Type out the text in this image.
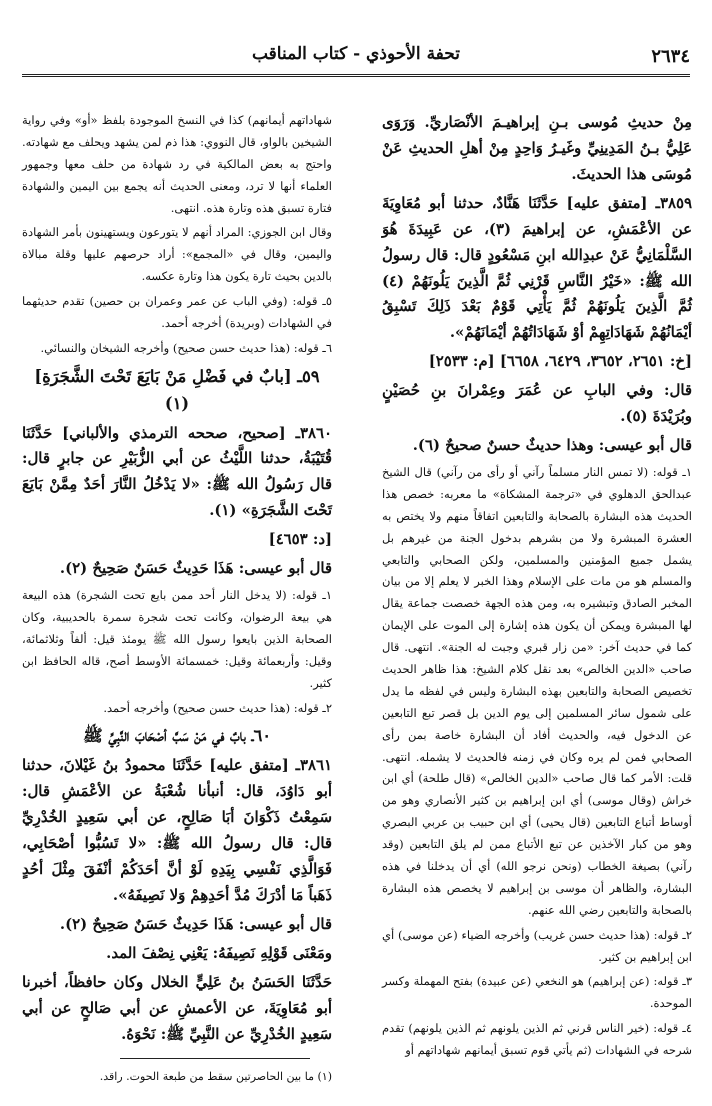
٢٦٣٤
تحفة الأحوذي - كتاب المناقب

مِنْ حديثِ مُوسى بـنِ إبراهيـمَ الأنْصَاريِّ. وَرَوَى عَلِيُّ بـنُ المَدِينِيِّ وغَيـرُ وَاحِدٍ مِنْ أهلِ الحديثِ عَنْ مُوسَى هذا الحديثَ.

٣٨٥٩ـ [متفق عليه] حَدَّثَنَا هَنَّادٌ، حدثنا أبو مُعَاوِيَةَ عن الأعْمَشِ، عن إبراهيمَ (٣)، عن عَبِيدَةَ هُوَ السَّلْمَانِيُّ عَنْ عبدِالله ابنِ مَسْعُودٍ قال: قال رسولُ الله ﷺ: «خَيْرُ النَّاسِ قَرْنِي ثُمَّ الَّذِينَ يَلُونَهُمْ (٤) ثُمَّ الَّذِينَ يَلُونَهُمْ ثُمَّ يَأْتِي قَوْمٌ بَعْدَ ذَلِكَ تَسْبِقُ أيْمَانُهُمْ شَهَادَاتِهِمْ أوْ شَهَادَاتُهُمْ أيْمَانَهُمْ».

[خ: ٢٦٥١، ٣٦٥٢، ٦٤٢٩، ٦٦٥٨] [م: ٢٥٣٣]

قال: وفي البابِ عن عُمَرَ وعِمْرانَ بنِ حُصَيْنٍ وبُرَيْدَةَ (٥).

قال أبو عيسى: وهذا حديثٌ حسنٌ صحيحٌ (٦).

١ـ قوله: (لا تمس النار مسلماً رآني أو رأى من رآني) قال الشيخ عبدالحق الدهلوي في «ترجمة المشكاة» ما معربه: خصص هذا الحديث هذه البشارة بالصحابة والتابعين اتفاقاً منهم ولا يختص به العشرة المبشرة ولا من بشرهم بدخول الجنة من غيرهم بل يشمل جميع المؤمنين والمسلمين، ولكن الصحابي والتابعي والمسلم هو من مات على الإسلام وهذا الخبر لا يعلم إلا من بيان المخبر الصادق وتبشيره به، ومن هذه الجهة خصصت جماعة يقال لها المبشرة ويمكن أن يكون هذه إشارة إلى الموت على الإيمان كما في حديث آخر: «من زار قبري وجبت له الجنة». انتهى. قال صاحب «الدين الخالص» بعد نقل كلام الشيخ: هذا ظاهر الحديث تخصيص الصحابة والتابعين بهذه البشارة وليس في لفظه ما يدل على شمول سائر المسلمين إلى يوم الدين بل قصر تبع التابعين عن الدخول فيه، والحديث أفاد أن البشارة خاصة بمن رأى الصحابي فمن لم يره وكان في زمنه فالحديث لا يشمله. انتهى. قلت: الأمر كما قال صاحب «الدين الخالص» (قال طلحة) أي ابن خراش (وقال موسى) أي ابن إبراهيم بن كثير الأنصاري وهو من أوساط أتباع التابعين (قال يحيى) أي ابن حبيب بن عربي البصري وهو من كبار الآخذين عن تبع الأتباع ممن لم يلق التابعين (وقد رآني) بصيغة الخطاب (ونحن نرجو الله) أي أن يدخلنا في هذه البشارة، والظاهر أن موسى بن إبراهيم لا يخصص هذه البشارة بالصحابة والتابعين رضي الله عنهم.

٢ـ قوله: (هذا حديث حسن غريب) وأخرجه الضياء (عن موسى) أي ابن إبراهيم بن كثير.

٣ـ قوله: (عن إبراهيم) هو النخعي (عن عبيدة) بفتح المهملة وكسر الموحدة.

٤ـ قوله: (خير الناس قرني ثم الذين يلونهم ثم الذين يلونهم) تقدم شرحه في الشهادات (ثم يأتي قوم تسبق أيمانهم شهاداتهم أو

شهاداتهم أيمانهم) كذا في النسخ الموجودة بلفظ «أو» وفي رواية الشيخين بالواو، قال النووي: هذا ذم لمن يشهد ويحلف مع شهادته. واحتج به بعض المالكية في رد شهادة من حلف معها وجمهور العلماء أنها لا ترد، ومعنى الحديث أنه يجمع بين اليمين والشهادة فتارة تسبق هذه وتارة هذه. انتهى.

وقال ابن الجوزي: المراد أنهم لا يتورعون ويستهينون بأمر الشهادة واليمين، وقال في «المجمع»: أراد حرصهم عليها وقلة مبالاة بالدين بحيث تارة يكون هذا وتارة عكسه.

٥ـ قوله: (وفي الباب عن عمر وعمران بن حصين) تقدم حديثهما في الشهادات (وبريدة) أخرجه أحمد.

٦ـ قوله: (هذا حديث حسن صحيح) وأخرجه الشيخان والنسائي.

٥٩ـ [بابٌ في فَضْلِ مَنْ بَايَعَ تَحْتَ الشَّجَرَةِ] (١)

٣٨٦٠ـ [صحيح، صححه الترمذي والألباني] حَدَّثَنَا قُتَيْبَةُ، حدثنا اللَّيْثُ عن أبي الزُّبَيْرِ عن جابرٍ قال: قال رَسُولُ الله ﷺ: «لا يَدْخُلُ النَّارَ أحَدٌ مِمَّنْ بَايَعَ تَحْتَ الشَّجَرَةِ» (١).

[د: ٤٦٥٣]

قال أبو عيسى: هَذَا حَدِيثٌ حَسَنٌ صَحِيحٌ (٢).

١ـ قوله: (لا يدخل النار أحد ممن بايع تحت الشجرة) هذه البيعة هي بيعة الرضوان، وكانت تحت شجرة سمرة بالحديبية، وكان الصحابة الذين بايعوا رسول الله ﷺ يومئذ قيل: ألفاً وثلاثمائة، وقيل: وأربعمائة وقيل: خمسمائة الأوسط أصح، قاله الحافظ ابن كثير.

٢ـ قوله: (هذا حديث حسن صحيح) وأخرجه أحمد.

٦٠ـ بابٌ في مَنْ سَبَّ أصْحَابَ النَّبِيِّ ﷺ

٣٨٦١ـ [متفق عليه] حَدَّثَنَا محمودُ بنُ غَيْلانَ، حدثنا أبو دَاوُدَ، قال: أنبأنا شُعْبَةُ عن الأعْمَشِ قال: سَمِعْتُ ذَكْوَانَ أبَا صَالِحٍ، عن أبي سَعِيدٍ الخُدْرِيِّ قال: قال رسولُ الله ﷺ: «لا تَسُبُّوا أصْحَابِي، فَوَالَّذِي نَفْسِي بِيَدِهِ لَوْ أنَّ أحَدَكُمْ أنْفَقَ مِثْلَ أحُدٍ ذَهَباً مَا أدْرَكَ مُدَّ أحَدِهِمْ وَلا نَصِيفَهُ».

قال أبو عيسى: هَذَا حَدِيثٌ حَسَنٌ صَحِيحٌ (٢).

ومَعْنَى قَوْلِهِ نَصِيفَهُ: يَعْنِي نِصْفَ المد.

حَدَّثَنَا الحَسَنُ بنُ عَلِيٍّ الخلال وكان حافظاً، أخبرنا أبو مُعَاوِيَةَ، عن الأعمشِ عن أبي صَالحٍ عن أبي سَعِيدٍ الخُدْرِيِّ عن النَّبِيِّ ﷺ: نَحْوَهُ.

(١) ما بين الحاصرتين سقط من طبعة الحوت. راقد.
